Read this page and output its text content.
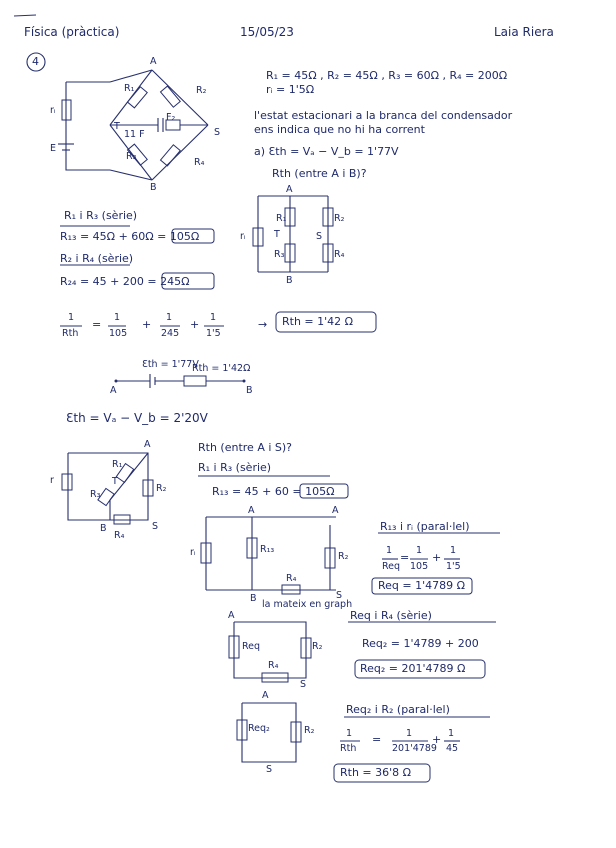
Física (pràctica)	15/05/23	Laia Riera
4	A
B
T
S
E
R₁	R₂
R₃
R₄
rᵢ
11 F
F₂
R₁ = 45Ω , R₂ = 45Ω , R₃ = 60Ω , R₄ = 200Ω
rᵢ = 1'5Ω
l'estat estacionari a la branca del condensador
ens indica que no hi ha corrent
a) Ɛth = Vₐ − V_b = 1'77V
Rth (entre A i B)?
A
B
T	S
rᵢ
R₁	R₂
R₃	R₄
R₁ i R₃ (sèrie)
R₁₃ = 45Ω + 60Ω = 105Ω
R₂ i R₄ (sèrie)
R₂₄ = 45 + 200 = 245Ω
1
Rth
=
1
105
+
1
245
+
1
1'5
→ Rth = 1'42 Ω
Ɛth = 1'77V
Rth = 1'42Ω
A	B
Ɛth = Vₐ − V_b = 2'20V
A
B	S
r
R₁
R₂
R₃
R₄
T
Rth (entre A i S)?
R₁ i R₃ (sèrie)
R₁₃ = 45 + 60 = 105Ω
A	A
B	S
rᵢ	R₁₃
R₂
R₄
la mateix en graph
R₁₃ i rᵢ (paral·lel)
1
Req
=
1
105
+
1
1'5
Req = 1'4789 Ω
Req i R₄ (sèrie)
Req₂ = 1'4789 + 200
Req₂ = 201'4789 Ω
A
S
Req	R₂
R₄
Req₂ i R₂ (paral·lel)
1
Rth
=	1
201'4789
+ 1
45
Rth = 36'8 Ω
A
S
Req₂	R₂
